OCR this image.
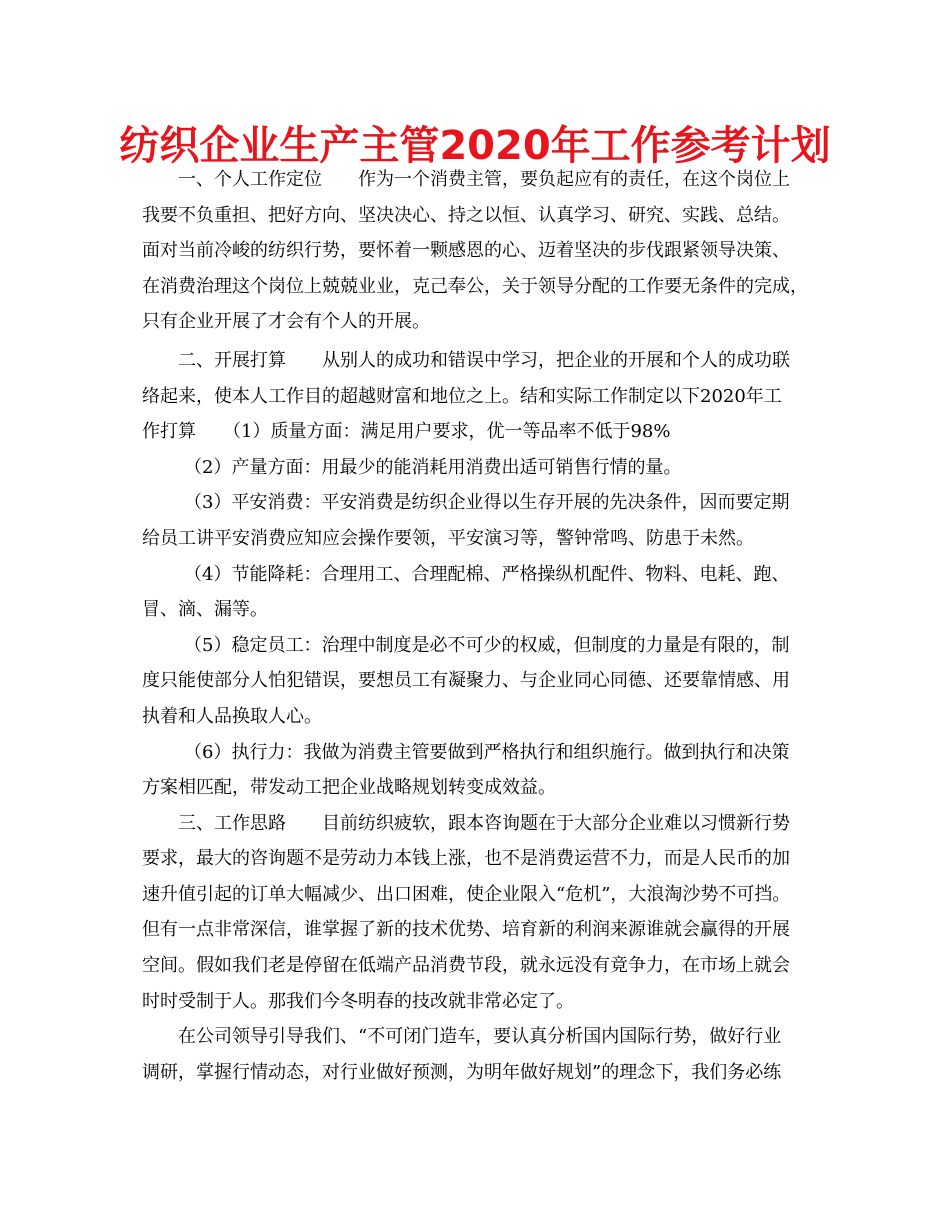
纺织企业生产主管2020年工作参考计划
一、个人工作定位　　作为一个消费主管，要负起应有的责任，在这个岗位上
我要不负重担、把好方向、坚决决心、持之以恒、认真学习、研究、实践、总结。
面对当前冷峻的纺织行势，要怀着一颗感恩的心、迈着坚决的步伐跟紧领导决策、
在消费治理这个岗位上兢兢业业，克己奉公，关于领导分配的工作要无条件的完成，
只有企业开展了才会有个人的开展。
二、开展打算　　从别人的成功和错误中学习，把企业的开展和个人的成功联
络起来，使本人工作目的超越财富和地位之上。结和实际工作制定以下2020年工
作打算　　（1）质量方面：满足用户要求，优一等品率不低于98%
（2）产量方面：用最少的能消耗用消费出适可销售行情的量。
（3）平安消费：平安消费是纺织企业得以生存开展的先决条件，因而要定期
给员工讲平安消费应知应会操作要领，平安演习等，警钟常鸣、防患于未然。
（4）节能降耗：合理用工、合理配棉、严格操纵机配件、物料、电耗、跑、
冒、滴、漏等。
（5）稳定员工：治理中制度是必不可少的权威，但制度的力量是有限的，制
度只能使部分人怕犯错误，要想员工有凝聚力、与企业同心同德、还要靠情感、用
执着和人品换取人心。
（6）执行力：我做为消费主管要做到严格执行和组织施行。做到执行和决策
方案相匹配，带发动工把企业战略规划转变成效益。
三、工作思路　　目前纺织疲软，跟本咨询题在于大部分企业难以习惯新行势
要求，最大的咨询题不是劳动力本钱上涨，也不是消费运营不力，而是人民币的加
速升值引起的订单大幅减少、出口困难，使企业限入“危机”，大浪淘沙势不可挡。
但有一点非常深信，谁掌握了新的技术优势、培育新的利润来源谁就会赢得的开展
空间。假如我们老是停留在低端产品消费节段，就永远没有竟争力，在市场上就会
时时受制于人。那我们今冬明春的技改就非常必定了。
在公司领导引导我们、“不可闭门造车，要认真分析国内国际行势，做好行业
调研，掌握行情动态，对行业做好预测，为明年做好规划”的理念下，我们务必练
